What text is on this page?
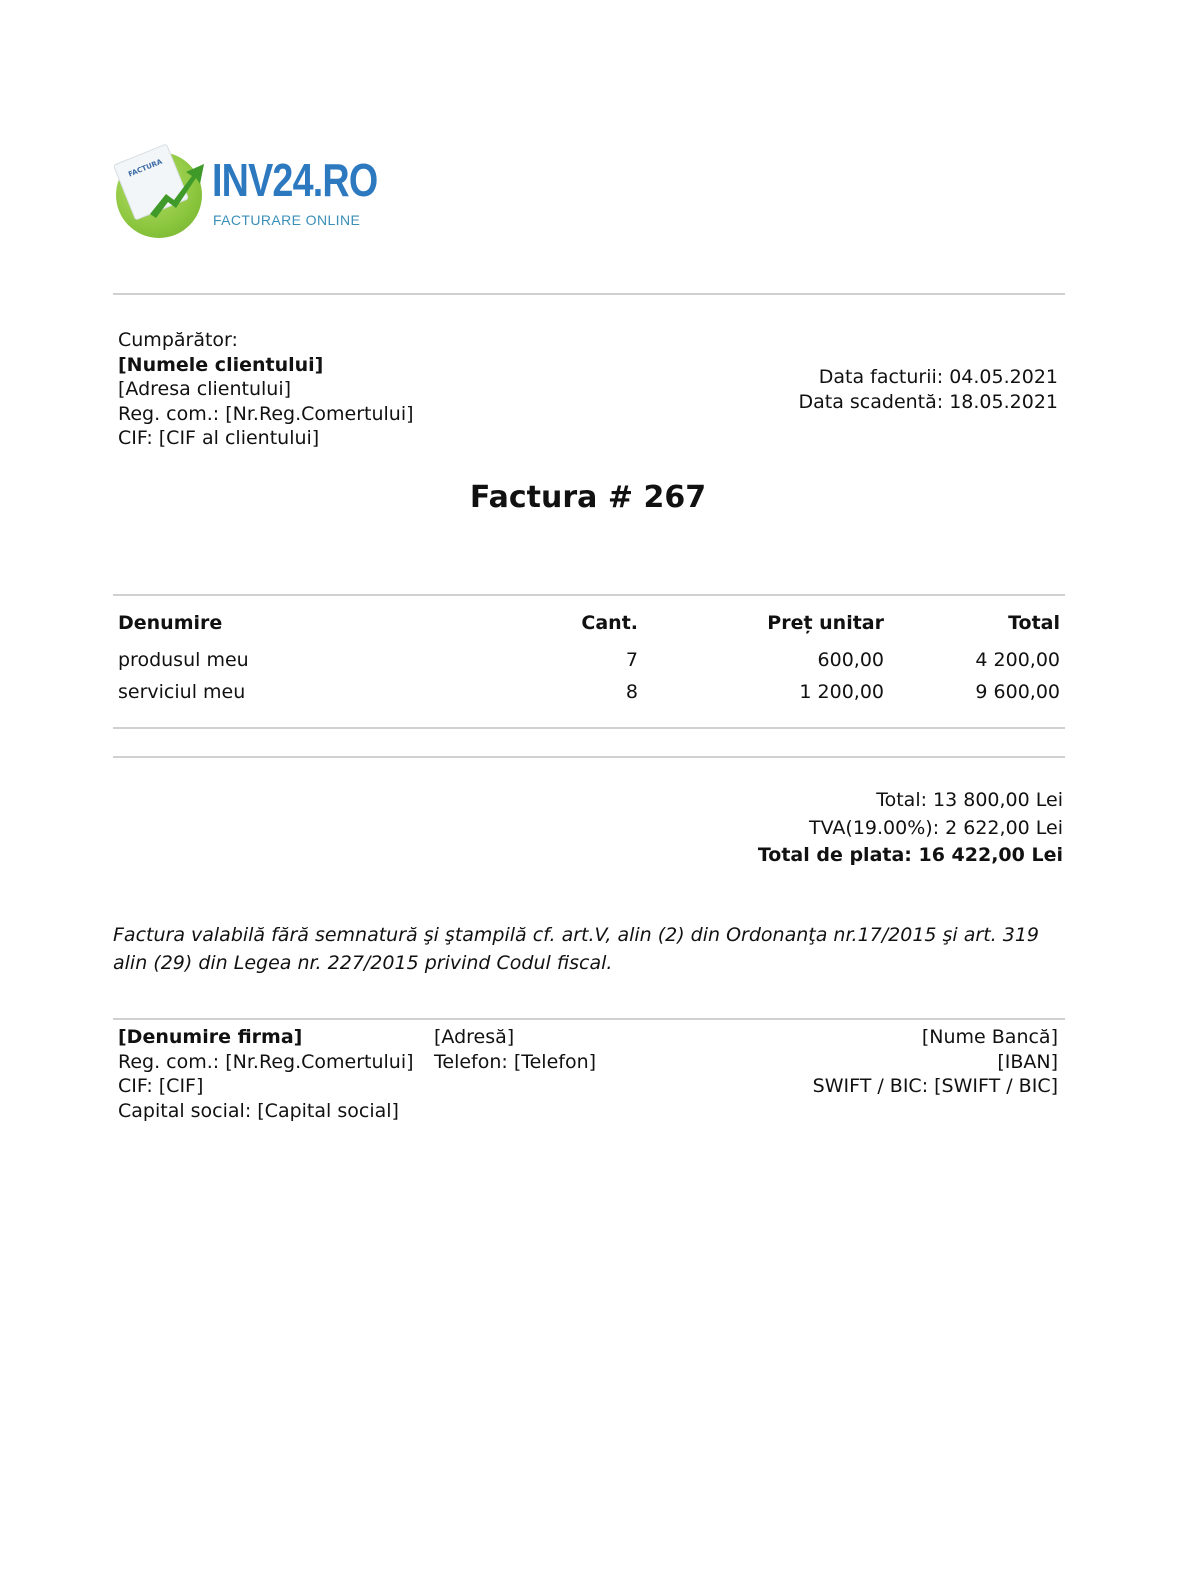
FACTURA INV24.RO
FACTURARE ONLINE
Cumpărător:
[Numele clientului]
[Adresa clientului]
Reg. com.: [Nr.Reg.Comertului]
CIF: [CIF al clientului]
Data facturii: 04.05.2021
Data scadentă: 18.05.2021
Factura # 267
Denumire	Cant.	Preț unitar	Total
produsul meu	7	600,00	4 200,00
serviciul meu	8	1 200,00	9 600,00
Total: 13 800,00 Lei
TVA(19.00%): 2 622,00 Lei
Total de plata: 16 422,00 Lei
Factura valabilă fără semnatură şi ştampilă cf. art.V, alin (2) din Ordonanţa nr.17/2015 şi art. 319 alin (29) din Legea nr. 227/2015 privind Codul fiscal.
[Denumire firma]
Reg. com.: [Nr.Reg.Comertului]
CIF: [CIF]
Capital social: [Capital social]
[Adresă]
Telefon: [Telefon]
[Nume Bancă]
[IBAN]
SWIFT / BIC: [SWIFT / BIC]
